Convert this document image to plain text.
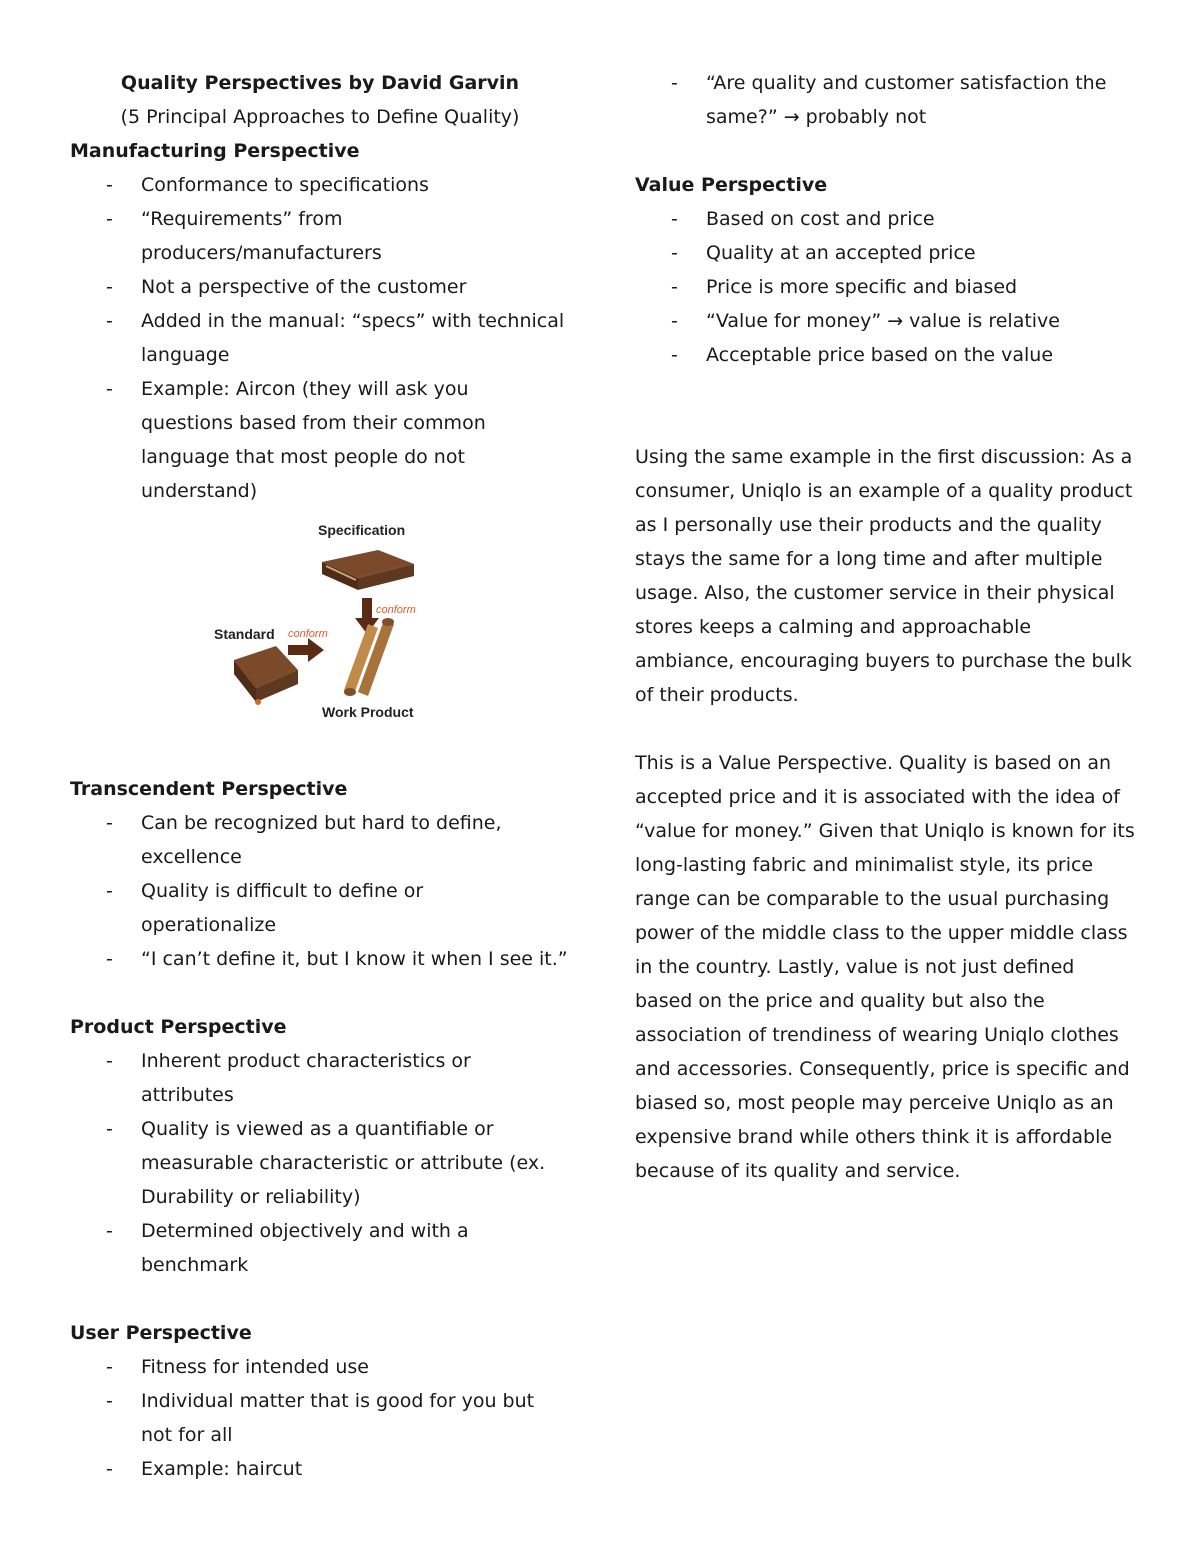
Quality Perspectives by David Garvin

(5 Principal Approaches to Define Quality)

Manufacturing Perspective

- Conformance to specifications
- “Requirements” from producers/manufacturers
- Not a perspective of the customer
- Added in the manual: “specs” with technical language
- Example: Aircon (they will ask you questions based from their common language that most people do not understand)
Specification
conform
Standard conform
Work Product

Transcendent Perspective

- Can be recognized but hard to define, excellence
- Quality is difficult to define or operationalize
- “I can’t define it, but I know it when I see it.”

Product Perspective

- Inherent product characteristics or attributes
- Quality is viewed as a quantifiable or measurable characteristic or attribute (ex. Durability or reliability)
- Determined objectively and with a benchmark

User Perspective

- Fitness for intended use
- Individual matter that is good for you but not for all
- Example: haircut
- “Are quality and customer satisfaction the same?” → probably not

Value Perspective

- Based on cost and price
- Quality at an accepted price
- Price is more specific and biased
- “Value for money” → value is relative
- Acceptable price based on the value

Using the same example in the first discussion: As a consumer, Uniqlo is an example of a quality product as I personally use their products and the quality stays the same for a long time and after multiple usage. Also, the customer service in their physical stores keeps a calming and approachable ambiance, encouraging buyers to purchase the bulk of their products.

This is a Value Perspective. Quality is based on an accepted price and it is associated with the idea of “value for money.” Given that Uniqlo is known for its long-lasting fabric and minimalist style, its price range can be comparable to the usual purchasing power of the middle class to the upper middle class in the country. Lastly, value is not just defined based on the price and quality but also the association of trendiness of wearing Uniqlo clothes and accessories. Consequently, price is specific and biased so, most people may perceive Uniqlo as an expensive brand while others think it is affordable because of its quality and service.
